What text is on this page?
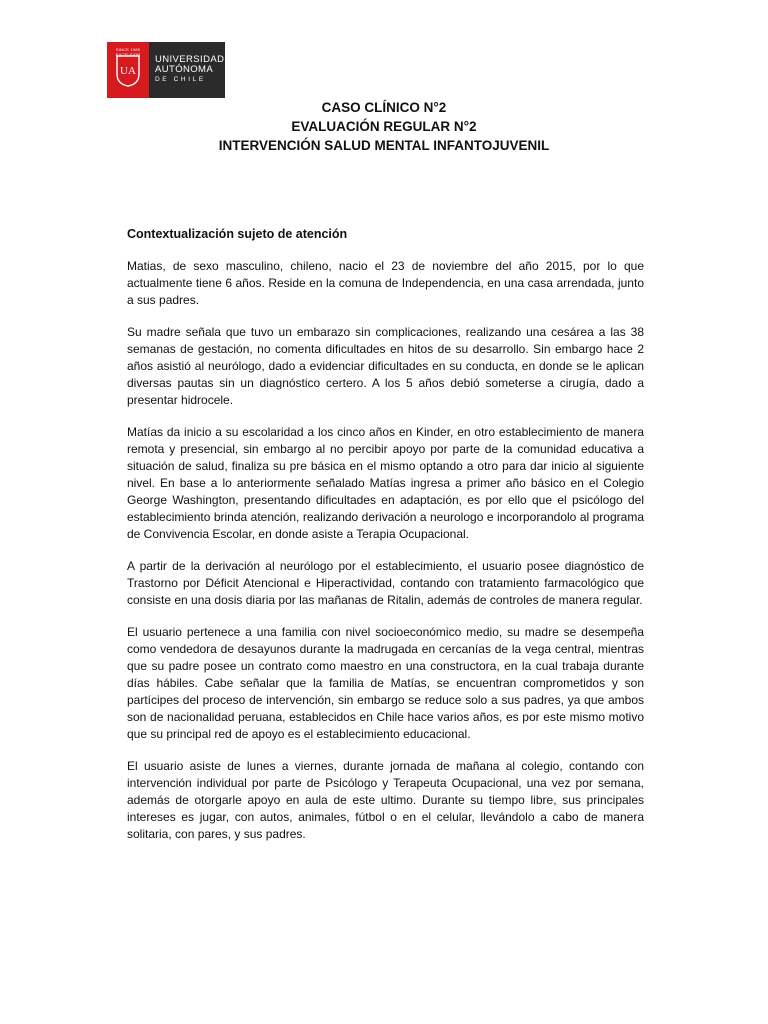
SINCE 1989 EXCELSIOR
UA
UNIVERSIDAD
AUTÓNOMA
DE CHILE
CASO CLÍNICO N°2
EVALUACIÓN REGULAR N°2
INTERVENCIÓN SALUD MENTAL INFANTOJUVENIL
Contextualización sujeto de atención

Matias, de sexo masculino, chileno, nacio el 23 de noviembre del año 2015, por lo que actualmente tiene 6 años. Reside en la comuna de Independencia, en una casa arrendada, junto a sus padres.

Su madre señala que tuvo un embarazo sin complicaciones, realizando una cesárea a las 38 semanas de gestación, no comenta dificultades en hitos de su desarrollo. Sin embargo hace 2 años asistió al neurólogo, dado a evidenciar dificultades en su conducta, en donde se le aplican diversas pautas sin un diagnóstico certero. A los 5 años debió someterse a cirugía, dado a presentar hidrocele.

Matías da inicio a su escolaridad a los cinco años en Kinder, en otro establecimiento de manera remota y presencial, sin embargo al no percibir apoyo por parte de la comunidad educativa a situación de salud, finaliza su pre básica en el mismo optando a otro para dar inicio al siguiente nivel. En base a lo anteriormente señalado Matías ingresa a primer año básico en el Colegio George Washington, presentando dificultades en adaptación, es por ello que el psicólogo del establecimiento brinda atención, realizando derivación a neurologo e incorporandolo al programa de Convivencia Escolar, en donde asiste a Terapia Ocupacional.

A partir de la derivación al neurólogo por el establecimiento, el usuario posee diagnóstico de Trastorno por Déficit Atencional e Hiperactividad, contando con tratamiento farmacológico que consiste en una dosis diaria por las mañanas de Ritalin, además de controles de manera regular.

El usuario pertenece a una familia con nivel socioeconómico medio, su madre se desempeña como vendedora de desayunos durante la madrugada en cercanías de la vega central, mientras que su padre posee un contrato como maestro en una constructora, en la cual trabaja durante días hábiles. Cabe señalar que la familia de Matías, se encuentran comprometidos y son partícipes del proceso de intervención, sin embargo se reduce solo a sus padres, ya que ambos son de nacionalidad peruana, establecidos en Chile hace varios años, es por este mismo motivo que su principal red de apoyo es el establecimiento educacional.

El usuario asiste de lunes a viernes, durante jornada de mañana al colegio, contando con intervención individual por parte de Psicólogo y Terapeuta Ocupacional, una vez por semana, además de otorgarle apoyo en aula de este ultimo. Durante su tiempo libre, sus principales intereses es jugar, con autos, animales, fútbol o en el celular, llevándolo a cabo de manera solitaria, con pares, y sus padres.
